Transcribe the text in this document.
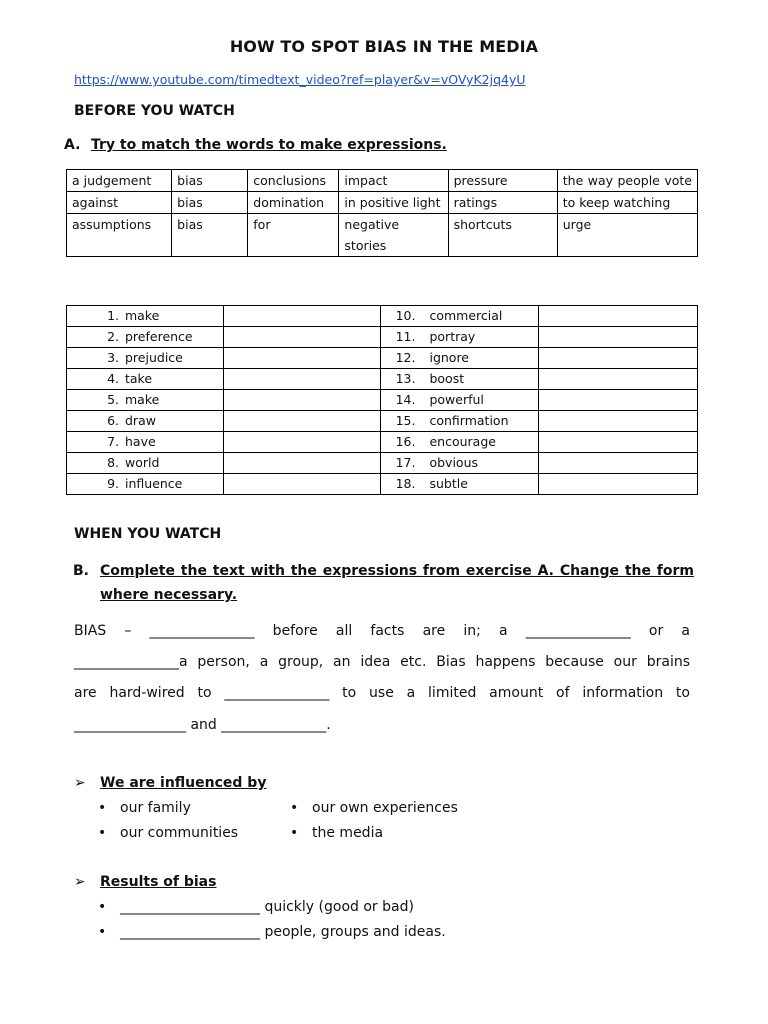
HOW TO SPOT BIAS IN THE MEDIA
https://www.youtube.com/timedtext_video?ref=player&v=vOVyK2jq4yU
BEFORE YOU WATCH
A. Try to match the words to make expressions.
a judgement	bias	conclusions	impact	pressure	the way people vote
against	bias	domination	in positive light	ratings	to keep watching
assumptions	bias	for	negative stories	shortcuts	urge
1. make		10. commercial	
2. preference		11. portray	
3. prejudice		12. ignore	
4. take		13. boost	
5. make		14. powerful	
6. draw		15. confirmation	
7. have		16. encourage	
8. world		17. obvious	
9. influence		18. subtle	
WHEN YOU WATCH
B. Complete the text with the expressions from exercise A. Change the form where necessary.
BIAS – _______________ before all facts are in; a _______________ or a
_______________a person, a group, an idea etc. Bias happens because our brains
are hard-wired to _______________ to use a limited amount of information to
________________ and _______________.
➢ We are influenced by
• our family	• our own experiences
• our communities	• the media
➢ Results of bias
• ____________________ quickly (good or bad)
• ____________________ people, groups and ideas.
